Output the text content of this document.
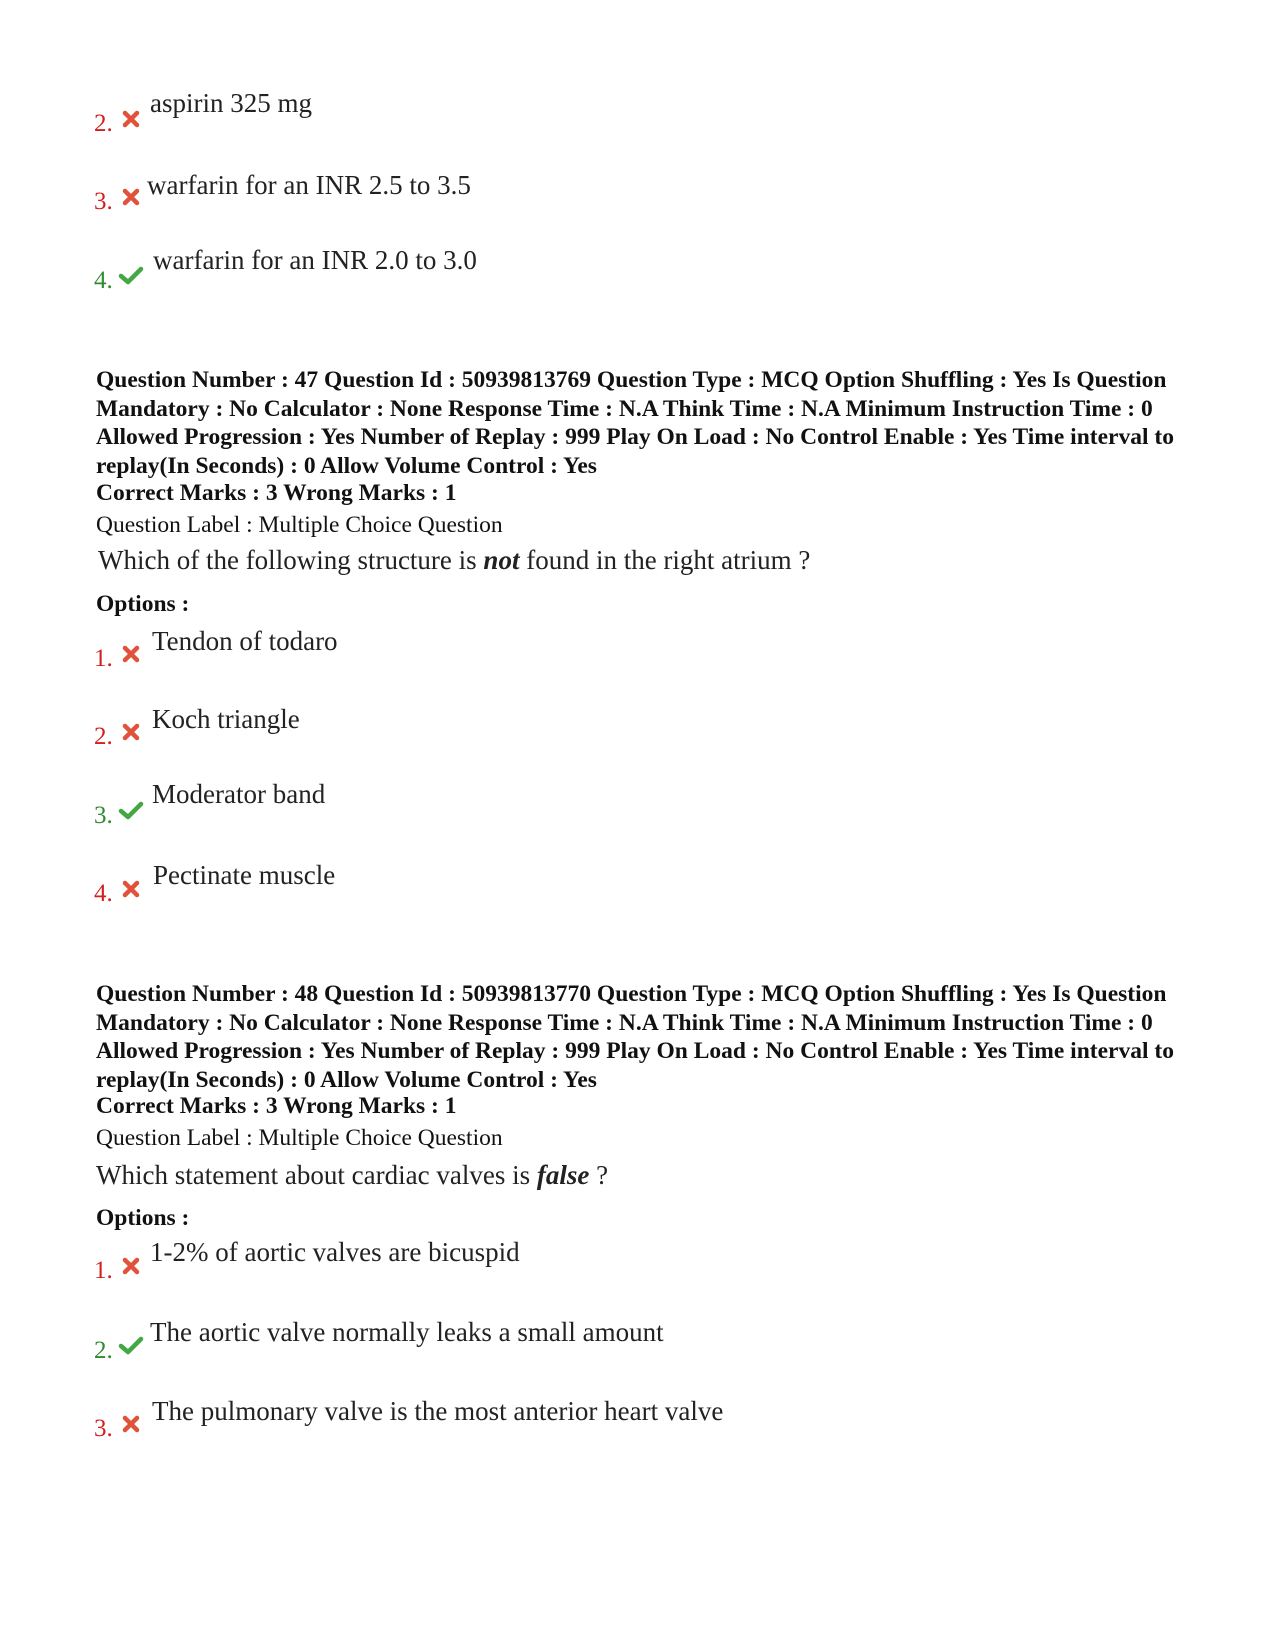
2.
aspirin 325 mg
3.
warfarin for an INR 2.5 to 3.5
4.
warfarin for an INR 2.0 to 3.0
Question Number : 47 Question Id : 50939813769 Question Type : MCQ Option Shuffling : Yes Is Question Mandatory : No Calculator : None Response Time : N.A Think Time : N.A Minimum Instruction Time : 0 Allowed Progression : Yes Number of Replay : 999 Play On Load : No Control Enable : Yes Time interval to replay(In Seconds) : 0 Allow Volume Control : Yes
Correct Marks : 3 Wrong Marks : 1
Question Label : Multiple Choice Question
Which of the following structure is not found in the right atrium ?
Options :
1.
Tendon of todaro
2.
Koch triangle
3.
Moderator band
4.
Pectinate muscle
Question Number : 48 Question Id : 50939813770 Question Type : MCQ Option Shuffling : Yes Is Question Mandatory : No Calculator : None Response Time : N.A Think Time : N.A Minimum Instruction Time : 0 Allowed Progression : Yes Number of Replay : 999 Play On Load : No Control Enable : Yes Time interval to replay(In Seconds) : 0 Allow Volume Control : Yes
Correct Marks : 3 Wrong Marks : 1
Question Label : Multiple Choice Question
Which statement about cardiac valves is false ?
Options :
1.
1-2% of aortic valves are bicuspid
2.
The aortic valve normally leaks a small amount
3.
The pulmonary valve is the most anterior heart valve
